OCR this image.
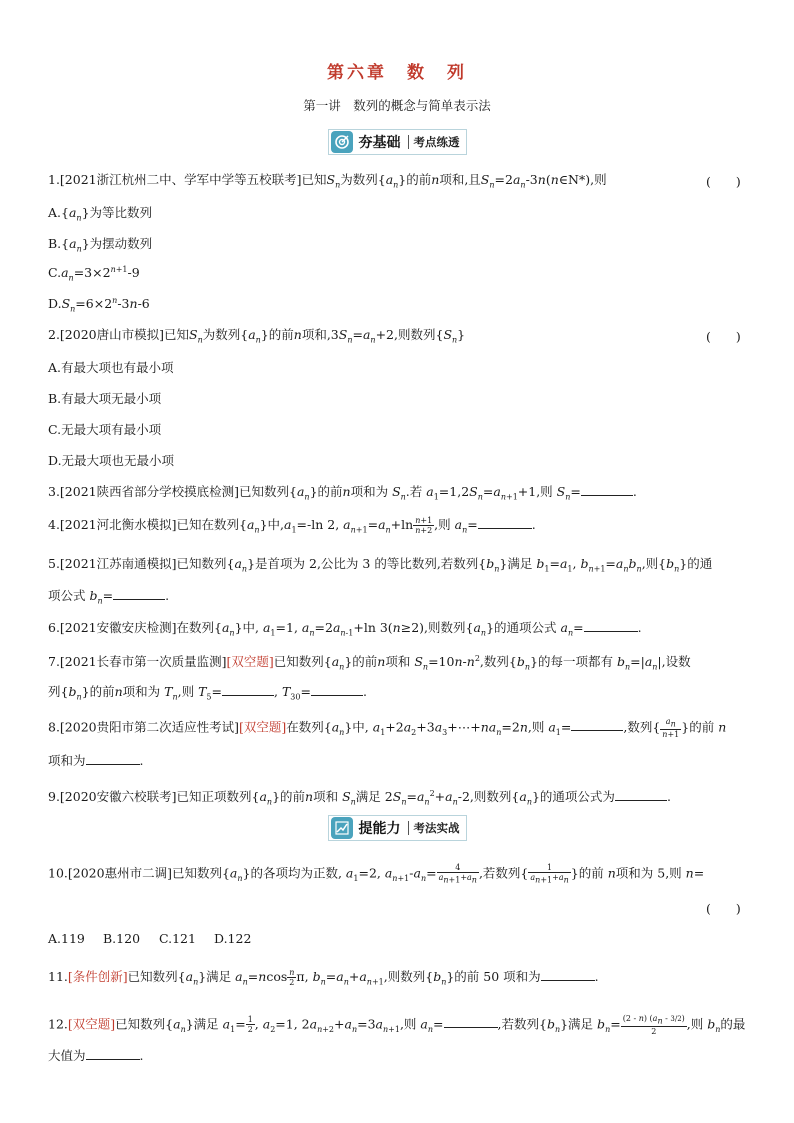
第六章　数　列
第一讲　数列的概念与简单表示法
夯基础	考点练透
1.[2021浙江杭州二中、学军中学等五校联考]已知$S_n$为数列$\{a_n\}$的前n项和,且$S_n=2a_n-3n(n\in N*)$,则	(　　)
$A.\{a_n\}$为等比数列
$B.\{a_n\}$为摆动数列
$C.a_n=3\times 2^{n+1}-9$
$D.S_n=6\times 2^n-3n-6$
2.[2020唐山市模拟]已知$S_n$为数列$\{a_n\}$的前n项和$,3S_n=a_n+2$,则数列$\{S_n\}$	(　　)
A.有最大项也有最小项
B.有最大项无最小项
C.无最大项有最小项
D.无最大项也无最小项
3.[2021陕西省部分学校摸底检测]已知数列$\{a_n\}$的前n项和为 $S_n$.若 $a_1=1,2S_n=a_{n+1}+1$,则 $S_n=$	.
4.[2021河北衡水模拟]已知在数列$\{a_n\}$中$,a_1=-\ln$ 2, $a_{n+1}=a_n+\ln \frac{n+1}{n+2}$ ,则 $a_n=$	.
5.[2021江苏南通模拟]已知数列$\{a_n\}$是首项为 2,公比为 3 的等比数列,若数列$\{b_n\}$满足 $b_1=a_1$, $b_{n+1}=a_nb_n$,则$\{b_n\}$的通
项公式 $b_n=$	.
6.[2021安徽安庆检测]在数列$\{a_n\}$中, $a_1=1$, $a_n=2a_{n-1}+\ln$ 3(n≥2),则数列$\{a_n\}$的通项公式 $a_n=$	.
7.[2021长春市第一次质量监测][双空题]已知数列$\{a_n\}$的前n项和 $S_n=10n-n^2$,数列$\{b_n\}$的每一项都有 $b_n=|a_n|$,设数
列$\{b_n\}$的前n项和为 $T_n$,则 $T_5=$	, $T_{30}=$	.
8.[2020贵阳市第二次适应性考试][双空题]在数列$\{a_n\}$中, $a_1+2a_2+3a_3+\cdots+na_n=2n$,则 $a_1=$	,数列{ $\frac{a_n}{n+1}$ }的前 n
项和为	.
9.[2020安徽六校联考]已知正项数列$\{a_n\}$的前n项和 $S_n$满足 $2S_n=a_n^2+a_n-2$,则数列$\{a_n\}$的通项公式为	.
提能力	考法实战
10.[2020惠州市二调]已知数列$\{a_n\}$的各项均为正数, $a_1=2$, $a_{n+1}-a_n= \frac{4}{a_{n+1}+a_n}$ ,若数列{ $\frac{1}{a_{n+1}+a_n}$ }的前 n项和为 5,则 n=
(　　)
A.119 B.120 C.121 D.122
11.[条件创新]已知数列$\{a_n\}$满足 $a_n=ncos \frac{n}{2} \pi$, $b_n=a_n+a_{n+1}$,则数列$\{b_n\}$的前 50 项和为	.
12.[双空题]已知数列$\{a_n\}$满足 $a_1= \frac{1}{2}$ , $a_2=1$, $2a_{n+2}+a_n=3a_{n+1}$,则 $a_n=$	,若数列$\{b_n\}$满足 $b_n= \frac{(2 - n) (a_n - 3/2)}{2}$ ,则 $b_n$的最
大值为	.
